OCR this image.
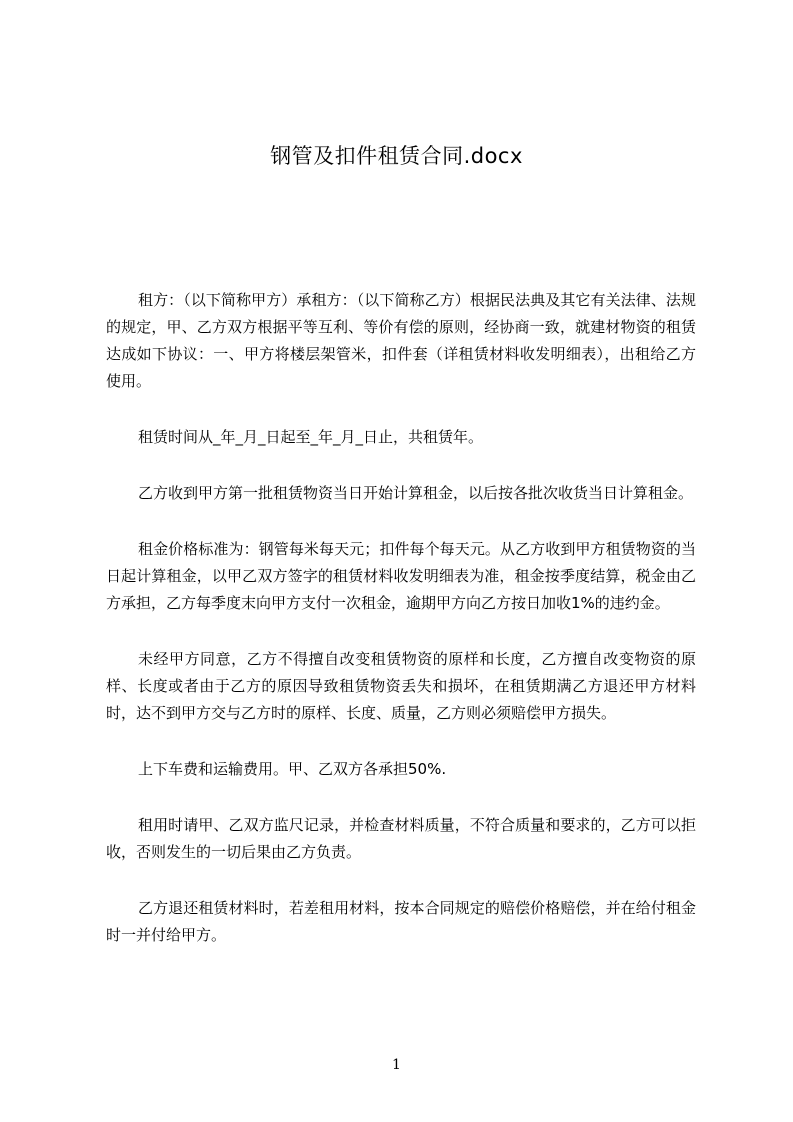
钢管及扣件租赁合同.docx

租方：（以下简称甲方）承租方：（以下简称乙方）根据民法典及其它有关法律、法规的规定，甲、乙方双方根据平等互利、等价有偿的原则，经协商一致，就建材物资的租赁达成如下协议：一、甲方将楼层架管米，扣件套（详租赁材料收发明细表），出租给乙方使用。

租赁时间从_年_月_日起至_年_月_日止，共租赁年。

乙方收到甲方第一批租赁物资当日开始计算租金，以后按各批次收货当日计算租金。

租金价格标准为：钢管每米每天元；扣件每个每天元。从乙方收到甲方租赁物资的当日起计算租金，以甲乙双方签字的租赁材料收发明细表为准，租金按季度结算，税金由乙方承担，乙方每季度末向甲方支付一次租金，逾期甲方向乙方按日加收1%的违约金。

未经甲方同意，乙方不得擅自改变租赁物资的原样和长度，乙方擅自改变物资的原样、长度或者由于乙方的原因导致租赁物资丢失和损坏，在租赁期满乙方退还甲方材料时，达不到甲方交与乙方时的原样、长度、质量，乙方则必须赔偿甲方损失。

上下车费和运输费用。甲、乙双方各承担50%.

租用时请甲、乙双方监尺记录，并检查材料质量，不符合质量和要求的，乙方可以拒收，否则发生的一切后果由乙方负责。

乙方退还租赁材料时，若差租用材料，按本合同规定的赔偿价格赔偿，并在给付租金时一并付给甲方。

1
